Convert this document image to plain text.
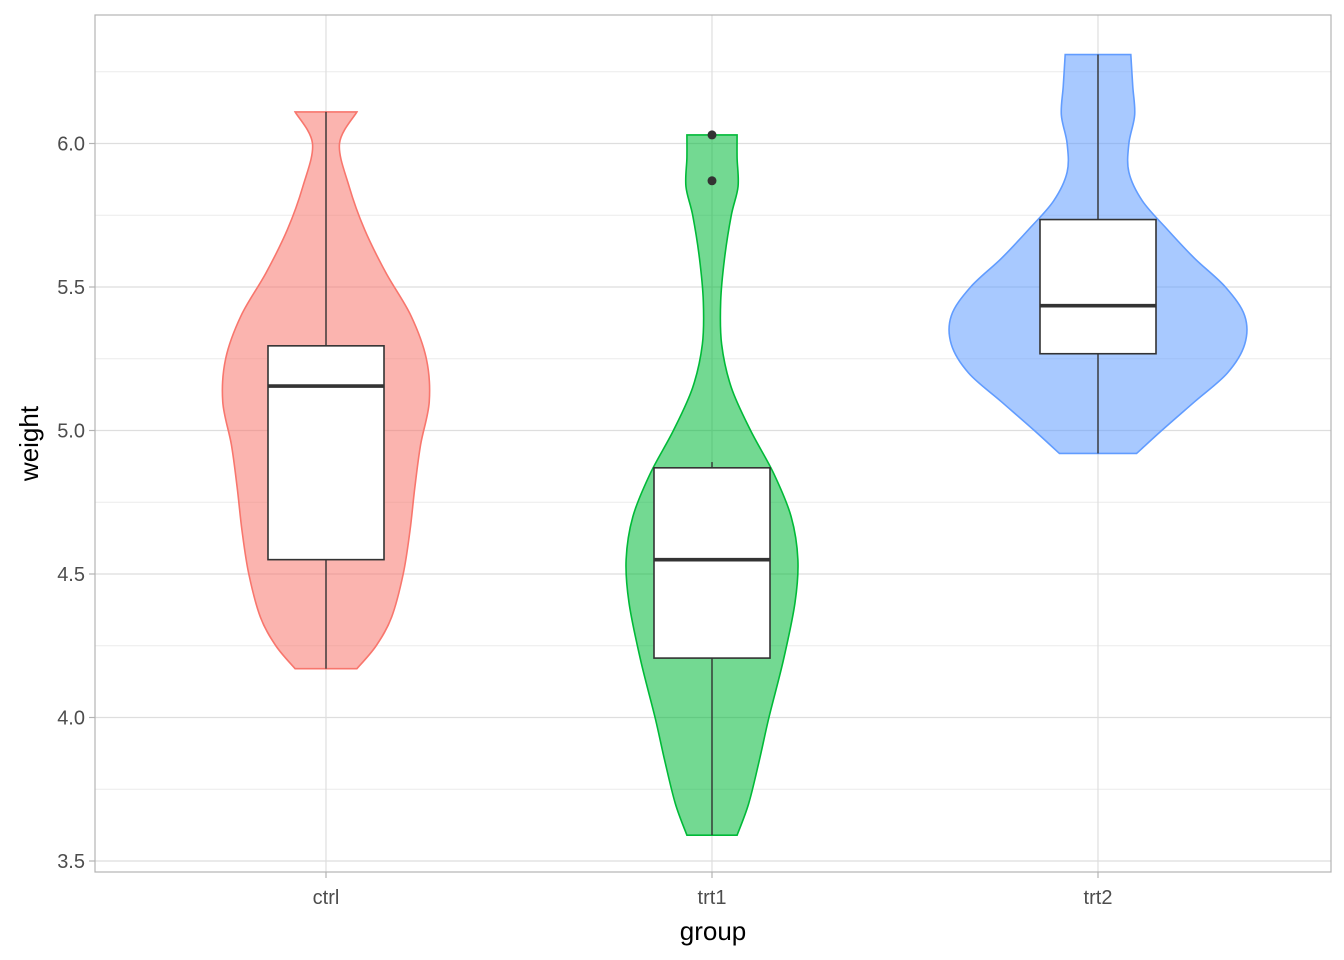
3.5
4.0
4.5
5.0
5.5
6.0
ctrl	trt1	trt2
group
weight
